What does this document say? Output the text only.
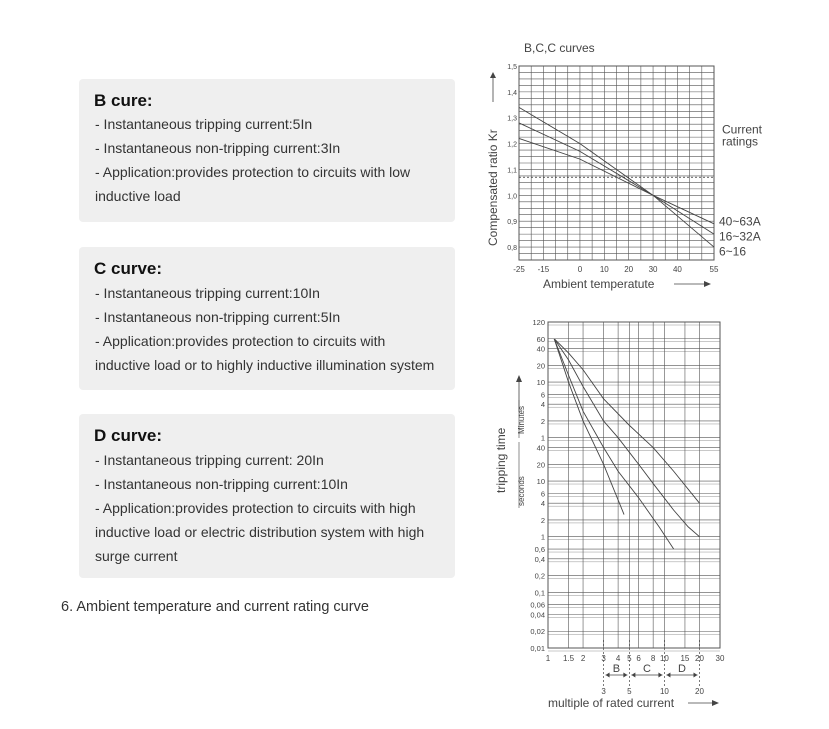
B cure:
- Instantaneous tripping current:5In
- Instantaneous non-tripping current:3In
- Application:provides protection to circuits with low
inductive load
C curve:
- Instantaneous tripping current:10In
- Instantaneous non-tripping current:5In
- Application:provides protection to circuits with
inductive load or to highly inductive illumination system
D curve:
- Instantaneous tripping current: 20In
- Instantaneous non-tripping current:10In
- Application:provides protection to circuits with high
inductive load or electric distribution system with high
surge current
6. Ambient temperature and current rating curve
B,C,C curves
0,8
0,9
1,0
1,1
1,2
1,3
1,4
1,5
-25 -15	0 10 20 30 40	55
40~63A
16~32A
6~16
Current
ratings
Compensated ratio Kr
Ambient temperatute
120
60
40
20
10
6
4
2
1
40
20
10
6
4
2
1
0,6
0,4
0,2
0,1
0,06
0,04
0,02
0,01
1 1.5 2 3 4 5 6 8 10 15 20 30
3	5
B
10
C
20
D
tripping time
Minutes
seconds
multiple of rated current
